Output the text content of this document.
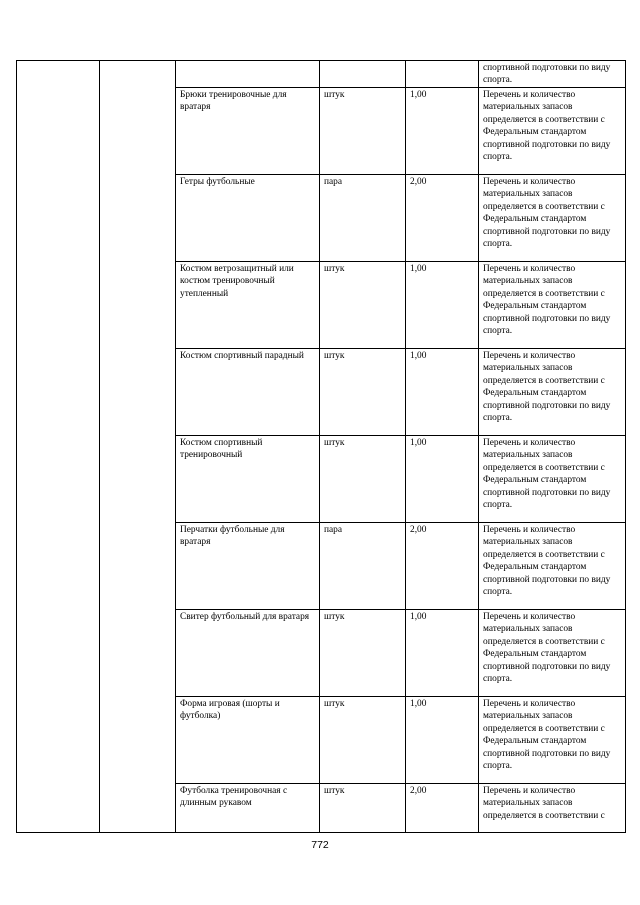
					спортивной подготовки по виду спорта.
		Брюки тренировочные для вратаря	штук	1,00	Перечень и количество материальных запасов определяется в соответствии с Федеральным стандартом спортивной подготовки по виду спорта.
		Гетры футбольные	пара	2,00	Перечень и количество материальных запасов определяется в соответствии с Федеральным стандартом спортивной подготовки по виду спорта.
		Костюм ветрозащитный или костюм тренировочный утепленный	штук	1,00	Перечень и количество материальных запасов определяется в соответствии с Федеральным стандартом спортивной подготовки по виду спорта.
		Костюм спортивный парадный	штук	1,00	Перечень и количество материальных запасов определяется в соответствии с Федеральным стандартом спортивной подготовки по виду спорта.
		Костюм спортивный тренировочный	штук	1,00	Перечень и количество материальных запасов определяется в соответствии с Федеральным стандартом спортивной подготовки по виду спорта.
		Перчатки футбольные для вратаря	пара	2,00	Перечень и количество материальных запасов определяется в соответствии с Федеральным стандартом спортивной подготовки по виду спорта.
		Свитер футбольный для вратаря	штук	1,00	Перечень и количество материальных запасов определяется в соответствии с Федеральным стандартом спортивной подготовки по виду спорта.
		Форма игровая (шорты и футболка)	штук	1,00	Перечень и количество материальных запасов определяется в соответствии с Федеральным стандартом спортивной подготовки по виду спорта.
		Футболка тренировочная с длинным рукавом	штук	2,00	Перечень и количество материальных запасов определяется в соответствии с
772
